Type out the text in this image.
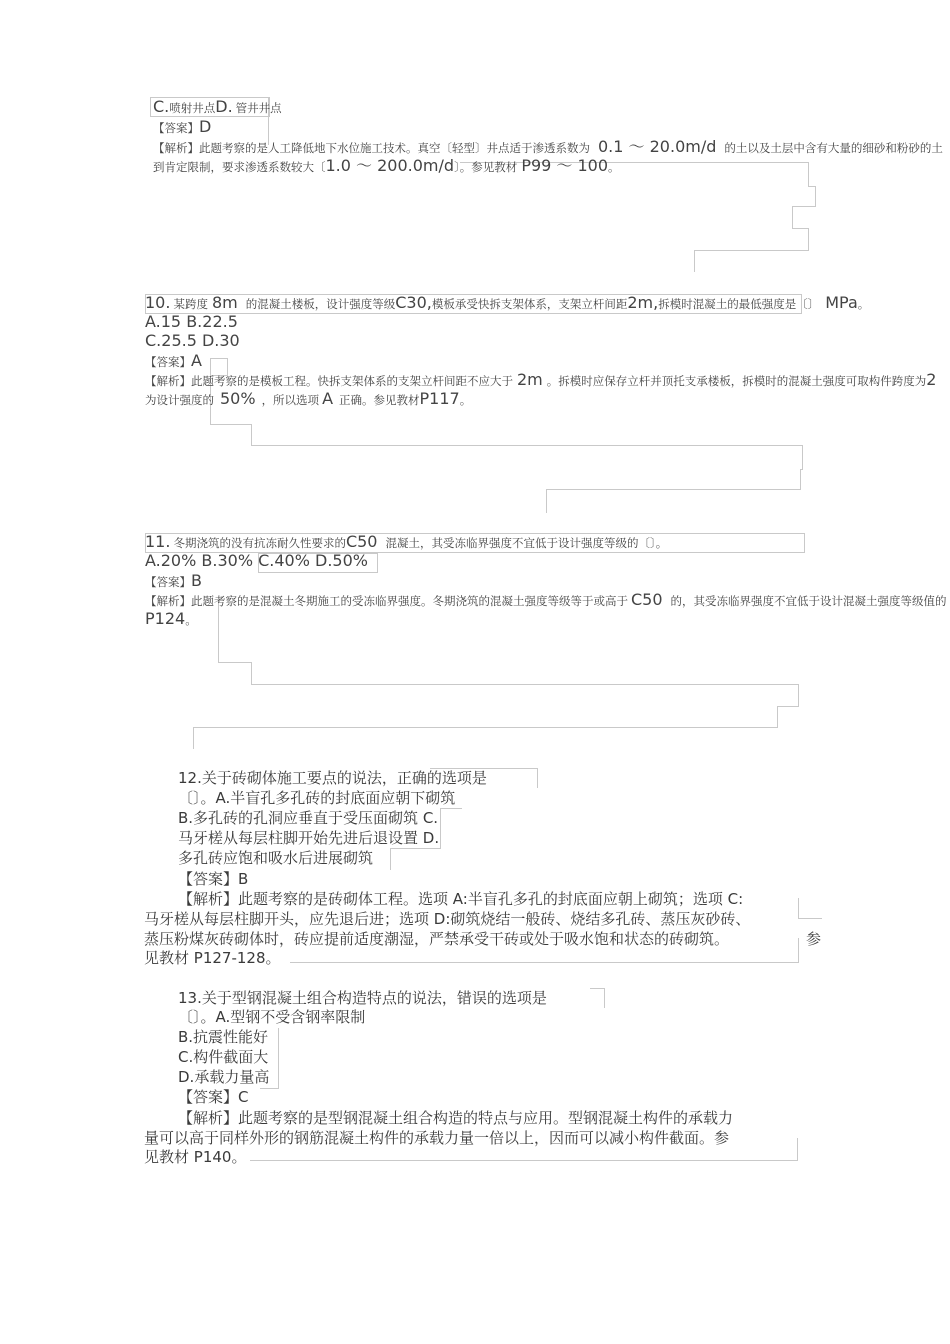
C.喷射井点D. 管井井点
【答案】D
【解析】此题考察的是人工降低地下水位施工技术。真空〔轻型〕井点适于渗透系数为 0.1 ～ 20.0m/d 的土以及土层中含有大量的细砂和粉砂的土
到肯定限制，要求渗透系数较大〔1.0 ～ 200.0m/d〕。参见教材 P99 ～ 100。
10. 某跨度 8m 的混凝土楼板，设计强度等级C30,模板承受快拆支架体系，支架立杆间距2m,拆模时混凝土的最低强度是〔〕 MPa。
A.15 B.22.5
C.25.5 D.30
【答案】A
【解析】此题考察的是模板工程。快拆支架体系的支架立杆间距不应大于 2m 。拆模时应保存立杆并顶托支承楼板，拆模时的混凝土强度可取构件跨度为2
为设计强度的 50% ，所以选项 A 正确。参见教材P117。
11. 冬期浇筑的没有抗冻耐久性要求的C50 混凝土，其受冻临界强度不宜低于设计强度等级的〔〕。
A.20% B.30% C.40% D.50%
【答案】B
【解析】此题考察的是混凝土冬期施工的受冻临界强度。冬期浇筑的混凝土强度等级等于或高于 C50 的，其受冻临界强度不宜低于设计混凝土强度等级值的
P124。
12.关于砖砌体施工要点的说法，正确的选项是
〔〕。A.半盲孔多孔砖的封底面应朝下砌筑
B.多孔砖的孔洞应垂直于受压面砌筑 C.
马牙槎从每层柱脚开始先进后退设置 D.
多孔砖应饱和吸水后进展砌筑
【答案】B
【解析】此题考察的是砖砌体工程。选项 A:半盲孔多孔的封底面应朝上砌筑；选项 C:
马牙槎从每层柱脚开头，应先退后进；选项 D:砌筑烧结一般砖、烧结多孔砖、蒸压灰砂砖、
蒸压粉煤灰砖砌体时，砖应提前适度潮湿，严禁承受干砖或处于吸水饱和状态的砖砌筑。	参
见教材 P127-128。
13.关于型钢混凝土组合构造特点的说法，错误的选项是
〔〕。A.型钢不受含钢率限制
B.抗震性能好
C.构件截面大
D.承载力量高
【答案】C
【解析】此题考察的是型钢混凝土组合构造的特点与应用。型钢混凝土构件的承载力
量可以高于同样外形的钢筋混凝土构件的承载力量一倍以上，因而可以减小构件截面。参
见教材 P140。
